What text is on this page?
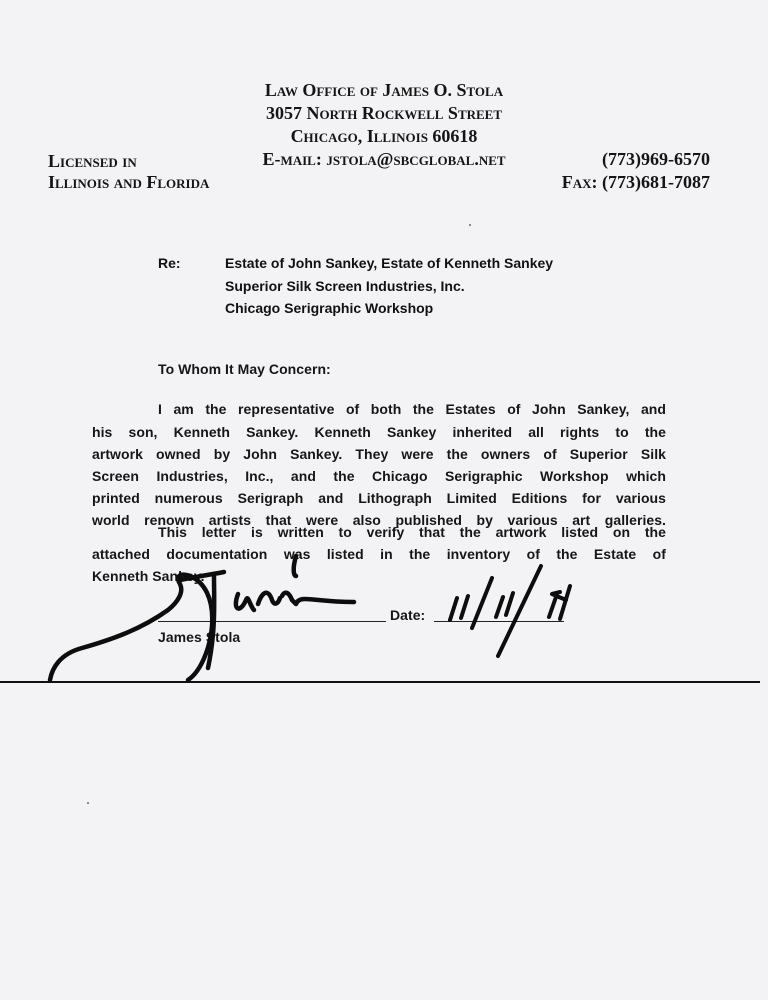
Law Office of James O. Stola
3057 North Rockwell Street
Chicago, Illinois 60618
E-mail: jstola@sbcglobal.net
Licensed in
Illinois and Florida
(773)969-6570
Fax: (773)681-7087
Re:	Estate of John Sankey, Estate of Kenneth Sankey
Superior Silk Screen Industries, Inc.
Chicago Serigraphic Workshop
To Whom It May Concern:
I am the representative of both the Estates of John Sankey, and
his son, Kenneth Sankey. Kenneth Sankey inherited all rights to the
artwork owned by John Sankey. They were the owners of Superior Silk
Screen Industries, Inc., and the Chicago Serigraphic Workshop which
printed numerous Serigraph and Lithograph Limited Editions for various
world renown artists that were also published by various art galleries.
This letter is written to verify that the artwork listed on the
attached documentation was listed in the inventory of the Estate of
Kenneth Sankey.
Date:
James Stola
